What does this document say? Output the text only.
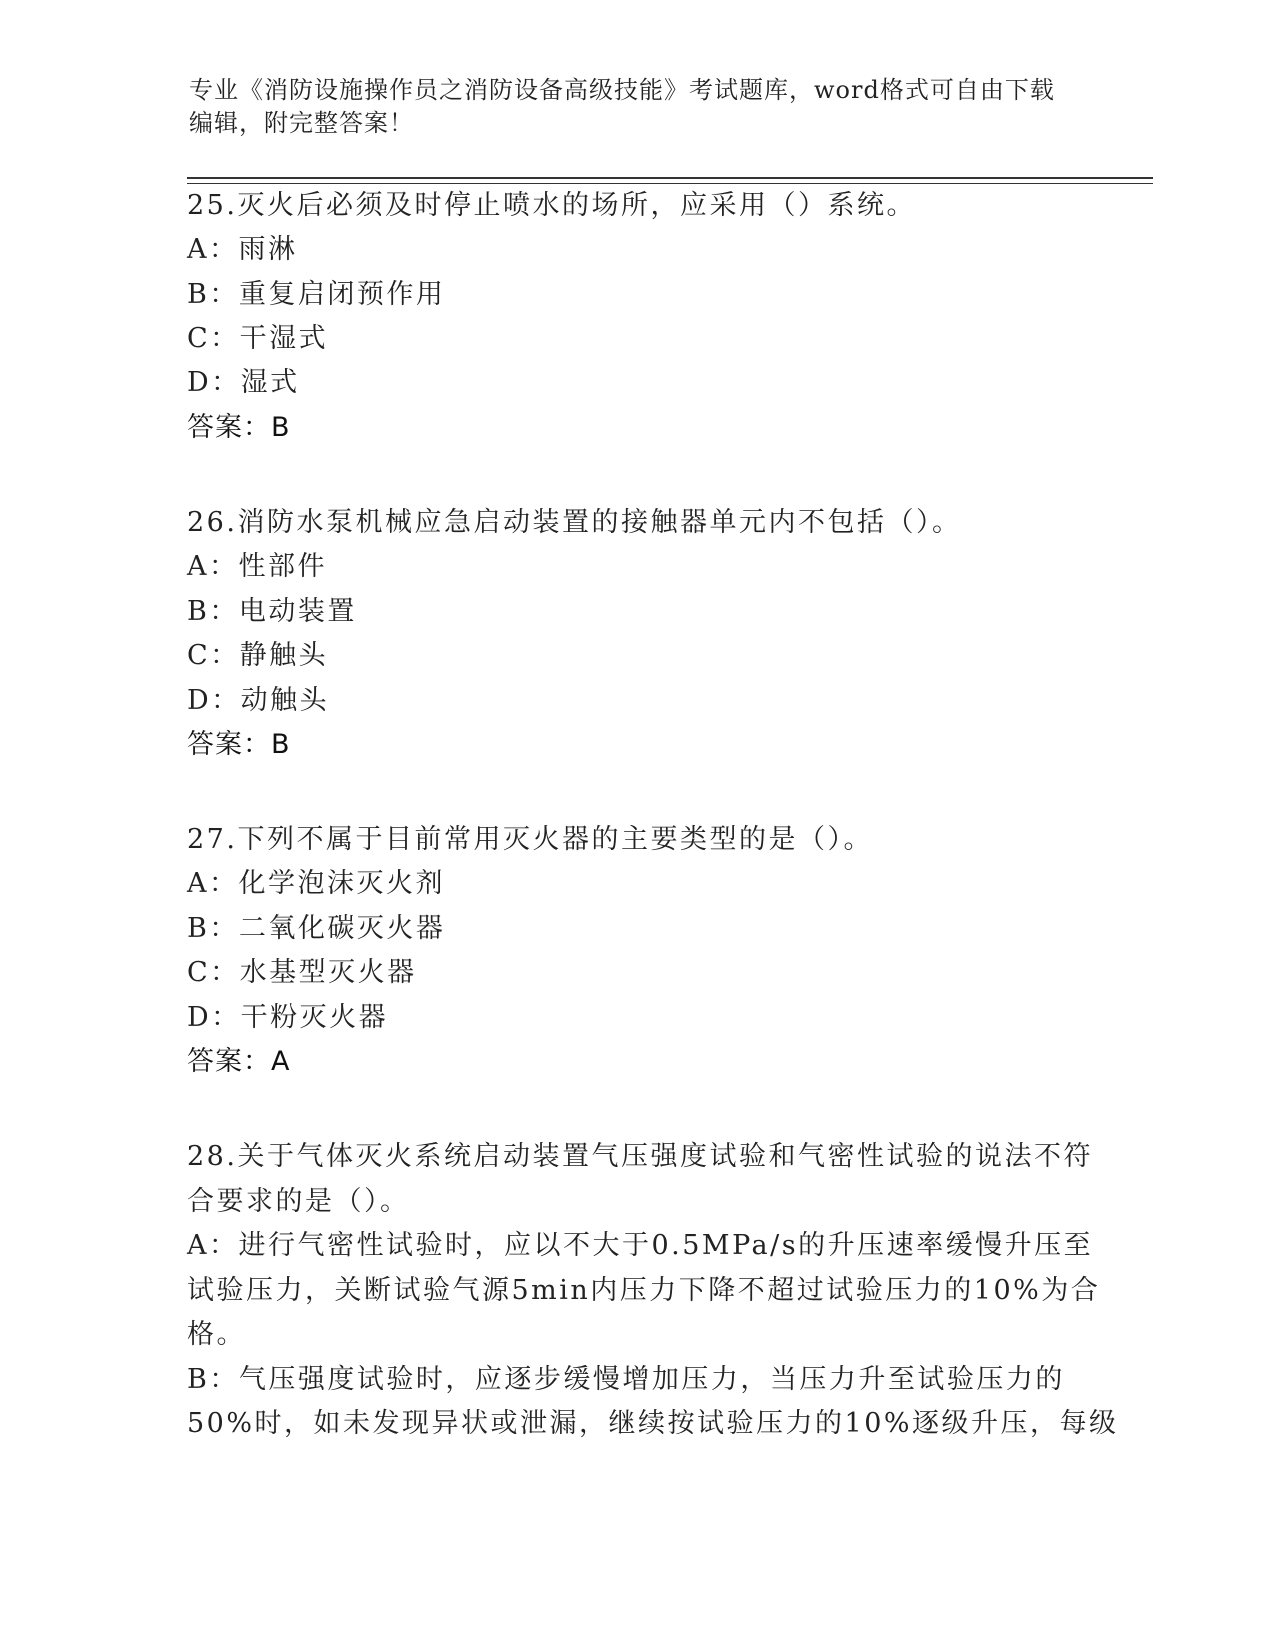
专业《消防设施操作员之消防设备高级技能》考试题库，word格式可自由下载编辑，附完整答案！
25.灭火后必须及时停止喷水的场所，应采用（）系统。
A：雨淋
B：重复启闭预作用
C：干湿式
D：湿式
答案：B
26.消防水泵机械应急启动装置的接触器单元内不包括（）。
A：性部件
B：电动装置
C：静触头
D：动触头
答案：B
27.下列不属于目前常用灭火器的主要类型的是（）。
A：化学泡沫灭火剂
B：二氧化碳灭火器
C：水基型灭火器
D：干粉灭火器
答案：A
28.关于气体灭火系统启动装置气压强度试验和气密性试验的说法不符
合要求的是（）。
A：进行气密性试验时，应以不大于0.5MPa/s的升压速率缓慢升压至
试验压力，关断试验气源5min内压力下降不超过试验压力的10%为合
格。
B：气压强度试验时，应逐步缓慢增加压力，当压力升至试验压力的
50%时，如未发现异状或泄漏，继续按试验压力的10%逐级升压，每级
